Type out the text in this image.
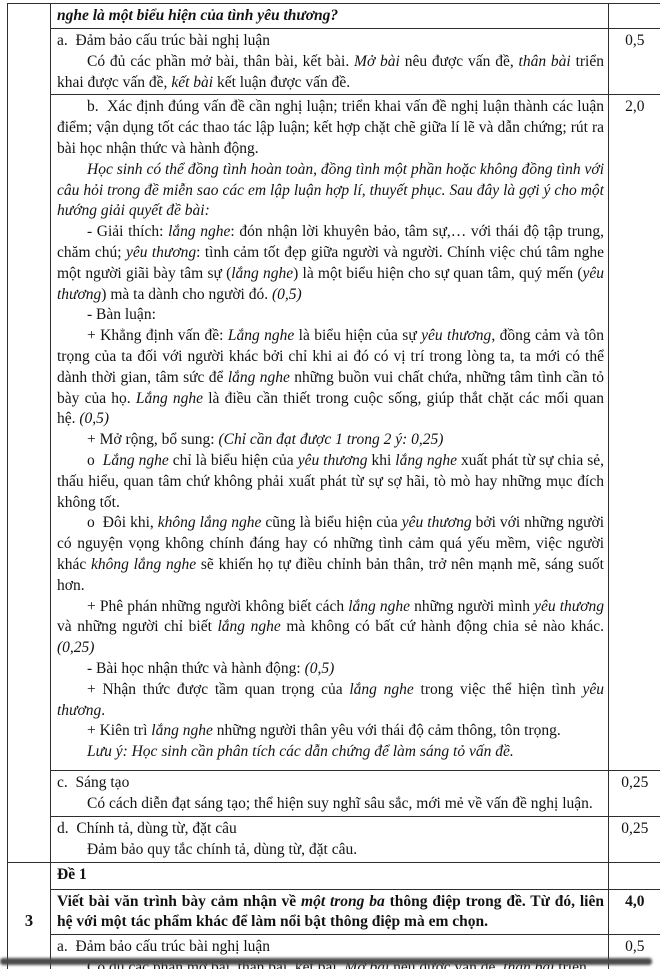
	nghe là một biểu hiện của tình yêu thương?	

	a.  Đảm bảo cấu trúc bài nghị luận
Có đủ các phần mở bài, thân bài, kết bài. Mở bài nêu được vấn đề, thân bài triển khai được vấn đề, kết bài kết luận được vấn đề.	0,5

b.  Xác định đúng vấn đề cần nghị luận; triển khai vấn đề nghị luận thành các luận điểm; vận dụng tốt các thao tác lập luận; kết hợp chặt chẽ giữa lí lẽ và dẫn chứng; rút ra bài học nhận thức và hành động.
Học sinh có thể đồng tình hoàn toàn, đồng tình một phần hoặc không đồng tình với câu hỏi trong đề miễn sao các em lập luận hợp lí, thuyết phục. Sau đây là gợi ý cho một hướng giải quyết đề bài:
- Giải thích: lắng nghe: đón nhận lời khuyên bảo, tâm sự,… với thái độ tập trung, chăm chú; yêu thương: tình cảm tốt đẹp giữa người và người. Chính việc chú tâm nghe một người giãi bày tâm sự (lắng nghe) là một biểu hiện cho sự quan tâm, quý mến (yêu thương) mà ta dành cho người đó. (0,5)
- Bàn luận:
+ Khẳng định vấn đề: Lắng nghe là biểu hiện của sự yêu thương, đồng cảm và tôn trọng của ta đối với người khác bởi chỉ khi ai đó có vị trí trong lòng ta, ta mới có thể dành thời gian, tâm sức để lắng nghe những buồn vui chất chứa, những tâm tình cần tỏ bày của họ. Lắng nghe là điều cần thiết trong cuộc sống, giúp thắt chặt các mối quan hệ. (0,5)
+ Mở rộng, bổ sung: (Chỉ cần đạt được 1 trong 2 ý: 0,25)
o  Lắng nghe chỉ là biểu hiện của yêu thương khi lắng nghe xuất phát từ sự chia sẻ, thấu hiểu, quan tâm chứ không phải xuất phát từ sự sợ hãi, tò mò hay những mục đích không tốt.
o  Đôi khi, không lắng nghe cũng là biểu hiện của yêu thương bởi với những người có nguyện vọng không chính đáng hay có những tình cảm quá yếu mềm, việc người khác không lắng nghe sẽ khiến họ tự điều chỉnh bản thân, trở nên mạnh mẽ, sáng suốt hơn.
+ Phê phán những người không biết cách lắng nghe những người mình yêu thương và những người chỉ biết lắng nghe mà không có bất cứ hành động chia sẻ nào khác. (0,25)
- Bài học nhận thức và hành động: (0,5)
+ Nhận thức được tầm quan trọng của lắng nghe trong việc thể hiện tình yêu thương.
+ Kiên trì lắng nghe những người thân yêu với thái độ cảm thông, tôn trọng.
Lưu ý: Học sinh cần phân tích các dẫn chứng để làm sáng tỏ vấn đề.
	2,0

	c.  Sáng tạo
Có cách diễn đạt sáng tạo; thể hiện suy nghĩ sâu sắc, mới mẻ về vấn đề nghị luận.	0,25

	d.  Chính tả, dùng từ, đặt câu
Đảm bảo quy tắc chính tả, dùng từ, đặt câu.	0,25
3	Đề 1	

	Viết bài văn trình bày cảm nhận về một trong ba thông điệp trong đề. Từ đó, liên hệ với một tác phẩm khác để làm nổi bật thông điệp mà em chọn.	4,0

	a.  Đảm bảo cấu trúc bài nghị luận	0,5
